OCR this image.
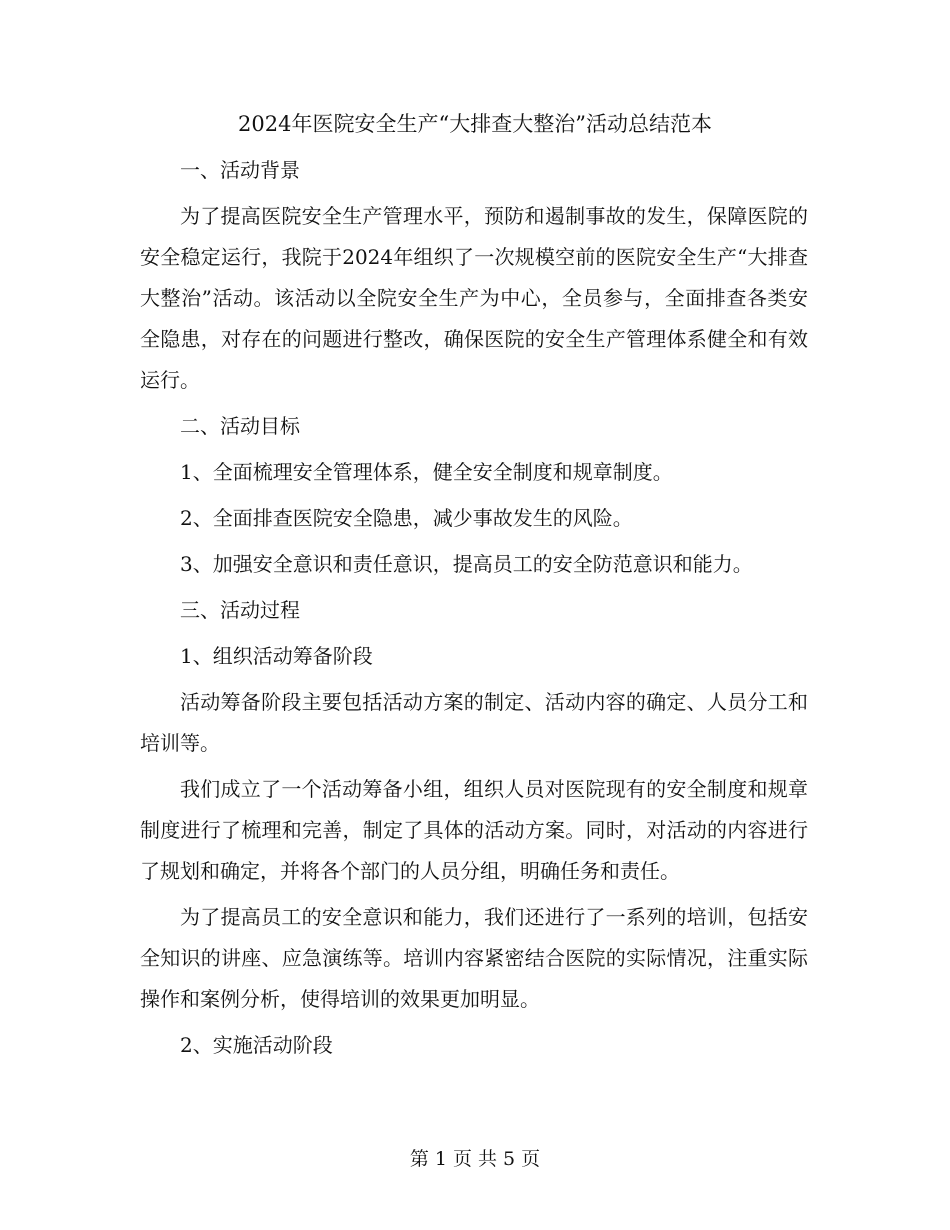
2024年医院安全生产“大排查大整治”活动总结范本

一、活动背景

为了提高医院安全生产管理水平，预防和遏制事故的发生，保障医院的安全稳定运行，我院于2024年组织了一次规模空前的医院安全生产“大排查大整治”活动。该活动以全院安全生产为中心，全员参与，全面排查各类安全隐患，对存在的问题进行整改，确保医院的安全生产管理体系健全和有效运行。

二、活动目标

1、全面梳理安全管理体系，健全安全制度和规章制度。

2、全面排查医院安全隐患，减少事故发生的风险。

3、加强安全意识和责任意识，提高员工的安全防范意识和能力。

三、活动过程

1、组织活动筹备阶段

活动筹备阶段主要包括活动方案的制定、活动内容的确定、人员分工和培训等。

我们成立了一个活动筹备小组，组织人员对医院现有的安全制度和规章制度进行了梳理和完善，制定了具体的活动方案。同时，对活动的内容进行了规划和确定，并将各个部门的人员分组，明确任务和责任。

为了提高员工的安全意识和能力，我们还进行了一系列的培训，包括安全知识的讲座、应急演练等。培训内容紧密结合医院的实际情况，注重实际操作和案例分析，使得培训的效果更加明显。

2、实施活动阶段

第 1 页 共 5 页
